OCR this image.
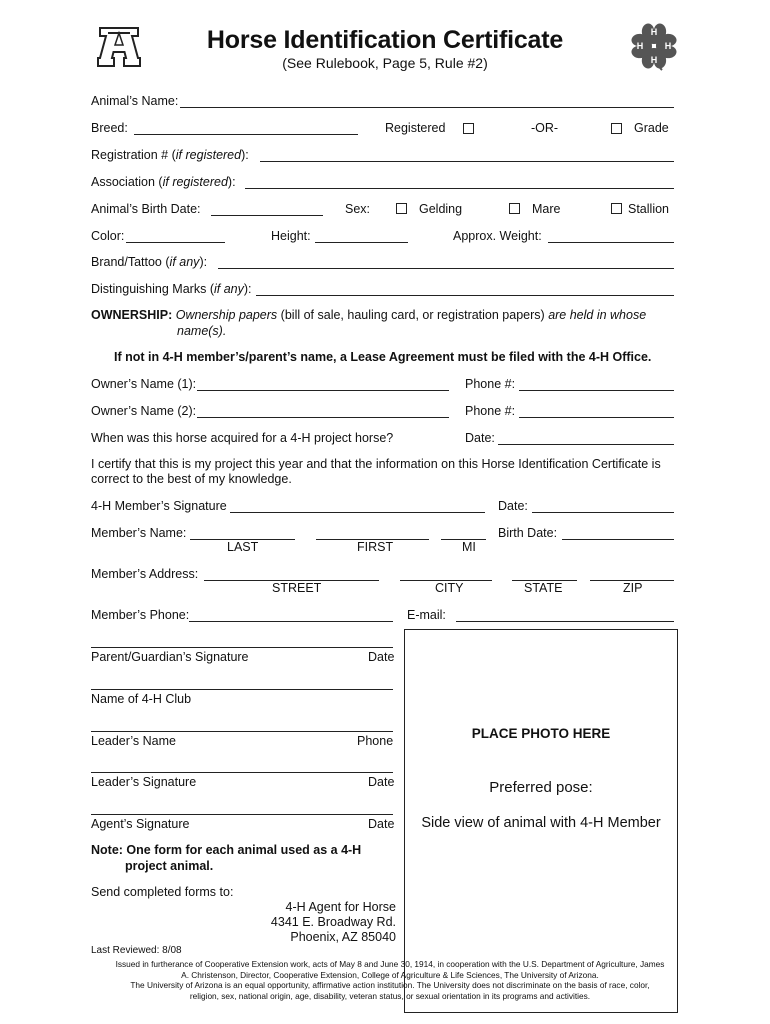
H
H
H H
Horse Identification Certificate
(See Rulebook, Page 5, Rule #2)
Animal’s Name:
Breed:	Registered	-OR-	Grade
Registration # (if registered):
Association (if registered):
Animal’s Birth Date:	Sex:	Gelding	Mare	Stallion
Color:	Height:	Approx. Weight:
Brand/Tattoo (if any):
Distinguishing Marks (if any):
OWNERSHIP: Ownership papers (bill of sale, hauling card, or registration papers) are held in whose
name(s).
If not in 4-H member’s/parent’s name, a Lease Agreement must be filed with the 4-H Office.
Owner’s Name (1):	Phone #:
Owner’s Name (2):	Phone #:
When was this horse acquired for a 4-H project horse?	Date:
I certify that this is my project this year and that the information on this Horse Identification Certificate is
correct to the best of my knowledge.
4-H Member’s Signature	Date:
Member’s Name:	Birth Date:
LAST	FIRST	MI
Member’s Address:
STREET	CITY	STATE	ZIP
Member’s Phone:	E-mail:
Parent/Guardian’s Signature	Date
Name of 4-H Club
Leader’s Name	Phone
Leader’s Signature	Date
Agent’s Signature	Date
Note: One form for each animal used as a 4-H
project animal.
Send completed forms to:
4-H Agent for Horse
4341 E. Broadway Rd.
Phoenix, AZ 85040
Last Reviewed: 8/08
PLACE PHOTO HERE
Preferred pose:
Side view of animal with 4-H Member
Issued in furtherance of Cooperative Extension work, acts of May 8 and June 30, 1914, in cooperation with the U.S. Department of Agriculture, James
A. Christenson, Director, Cooperative Extension, College of Agriculture & Life Sciences, The University of Arizona.
The University of Arizona is an equal opportunity, affirmative action institution. The University does not discriminate on the basis of race, color,
religion, sex, national origin, age, disability, veteran status, or sexual orientation in its programs and activities.
